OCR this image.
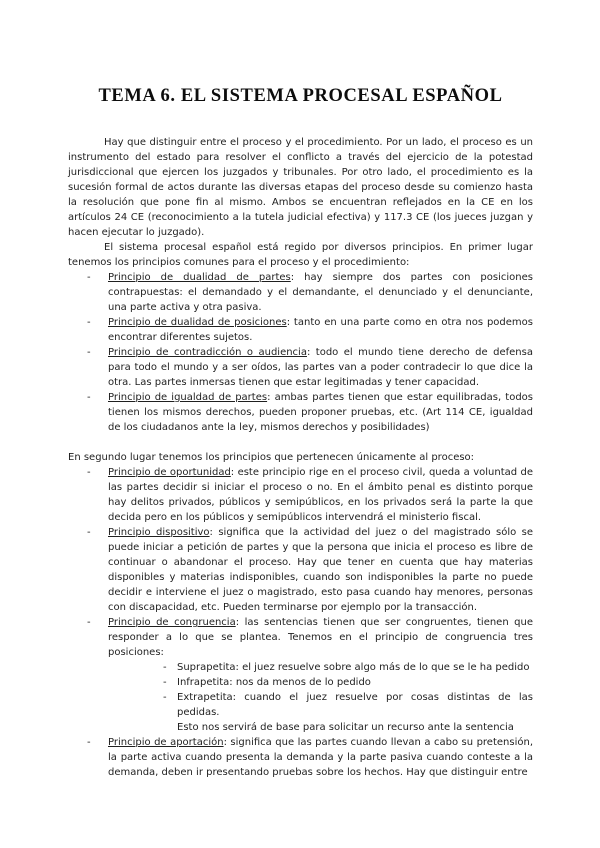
TEMA 6. EL SISTEMA PROCESAL ESPAÑOL

Hay que distinguir entre el proceso y el procedimiento. Por un lado, el proceso es un instrumento del estado para resolver el conflicto a través del ejercicio de la potestad jurisdiccional que ejercen los juzgados y tribunales. Por otro lado, el procedimiento es la sucesión formal de actos durante las diversas etapas del proceso desde su comienzo hasta la resolución que pone fin al mismo. Ambos se encuentran reflejados en la CE en los artículos 24 CE (reconocimiento a la tutela judicial efectiva) y 117.3 CE (los jueces juzgan y hacen ejecutar lo juzgado).

El sistema procesal español está regido por diversos principios. En primer lugar tenemos los principios comunes para el proceso y el procedimiento:

- Principio de dualidad de partes: hay siempre dos partes con posiciones contrapuestas: el demandado y el demandante, el denunciado y el denunciante, una parte activa y otra pasiva.
- Principio de dualidad de posiciones: tanto en una parte como en otra nos podemos encontrar diferentes sujetos.
- Principio de contradicción o audiencia: todo el mundo tiene derecho de defensa para todo el mundo y a ser oídos, las partes van a poder contradecir lo que dice la otra. Las partes inmersas tienen que estar legitimadas y tener capacidad.
- Principio de igualdad de partes: ambas partes tienen que estar equilibradas, todos tienen los mismos derechos, pueden proponer pruebas, etc. (Art 114 CE, igualdad de los ciudadanos ante la ley, mismos derechos y posibilidades)

En segundo lugar tenemos los principios que pertenecen únicamente al proceso:

- Principio de oportunidad: este principio rige en el proceso civil, queda a voluntad de las partes decidir si iniciar el proceso o no. En el ámbito penal es distinto porque hay delitos privados, públicos y semipúblicos, en los privados será la parte la que decida pero en los públicos y semipúblicos intervendrá el ministerio fiscal.
- Principio dispositivo: significa que la actividad del juez o del magistrado sólo se puede iniciar a petición de partes y que la persona que inicia el proceso es libre de continuar o abandonar el proceso. Hay que tener en cuenta que hay materias disponibles y materias indisponibles, cuando son indisponibles la parte no puede decidir e interviene el juez o magistrado, esto pasa cuando hay menores, personas con discapacidad, etc. Pueden terminarse por ejemplo por la transacción.
- Principio de congruencia: las sentencias tienen que ser congruentes, tienen que responder a lo que se plantea. Tenemos en el principio de congruencia tres posiciones:
- Suprapetita: el juez resuelve sobre algo más de lo que se le ha pedido
- Infrapetita: nos da menos de lo pedido
- Extrapetita: cuando el juez resuelve por cosas distintas de las pedidas.
Esto nos servirá de base para solicitar un recurso ante la sentencia
- Principio de aportación: significa que las partes cuando llevan a cabo su pretensión, la parte activa cuando presenta la demanda y la parte pasiva cuando conteste a la demanda, deben ir presentando pruebas sobre los hechos. Hay que distinguir entre
